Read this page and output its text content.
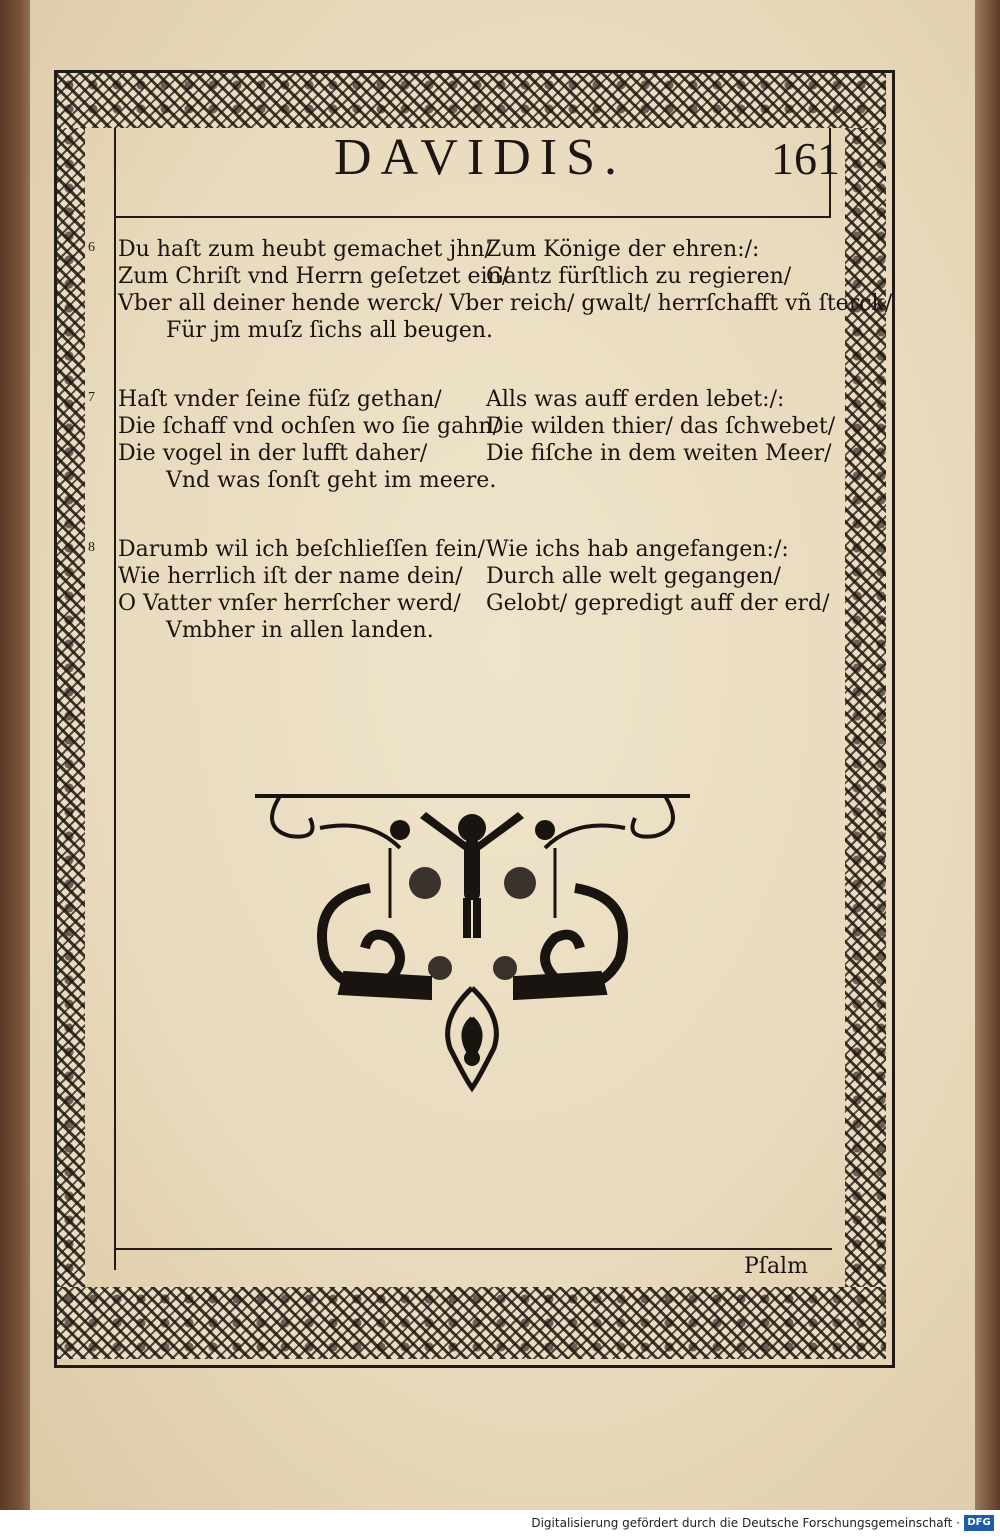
DAVIDIS.	161
6 Du haſt zum heubt gemachet jhn/
Zum Königе der ehren:/:
Zum Chriſt vnd Herrn geſetzet ein/
Gantz fürſtlich zu regieren/
Vber all deiner hende werck/ Vber reich/ gwalt/ herrſchafft vñ ſterck/
Für jm muſz ſichs all beugen.
7 Haſt vnder ſeine füſz gethan/ Alls was auff erden lebet:/:
Die ſchaff vnd ochſen wo ſie gahn/
Die wilden thier/ das ſchwebet/
Die vogel in der lufft daher/	Die fiſche in dem weiten Meer/
Vnd was ſonſt geht im meere.
8 Darumb wil ich beſchlieſſen fein/ Wie ichs hab angefangen:/:
Wie herrlich iſt der name dein/ Durch alle welt gegangen/
O Vatter vnſer herrſcher werd/ Gelobt/ gepredigt auff der erd/
Vmbher in allen landen.
Pſalm
Digitalisierung gefördert durch die Deutsche Forschungsgemeinschaft · DFG
